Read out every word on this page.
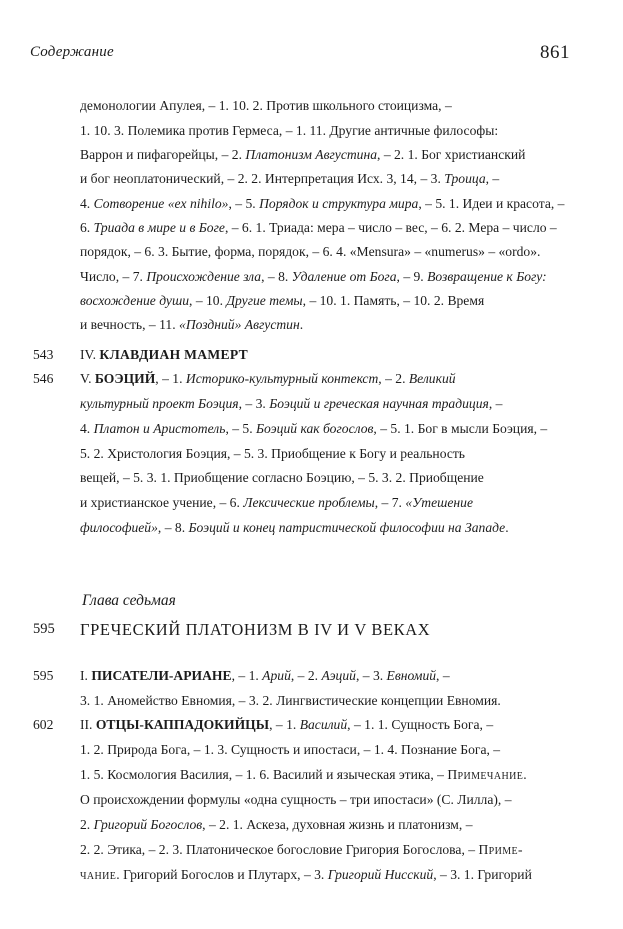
Содержание	861
демонологии Апулея, – 1. 10. 2. Против школьного стоицизма, –
1. 10. 3. Полемика против Гермеса, – 1. 11. Другие античные философы:
Варрон и пифагорейцы, – 2. Платонизм Августина, – 2. 1. Бог христианский
и бог неоплатонический, – 2. 2. Интерпретация Исх. 3, 14, – 3. Троица, –
4. Сотворение «ex nihilo», – 5. Порядок и структура мира, – 5. 1. Идеи и красота, –
6. Триада в мире и в Боге, – 6. 1. Триада: мера – число – вес, – 6. 2. Мера – число –
порядок, – 6. 3. Бытие, форма, порядок, – 6. 4. «Mensura» – «numerus» – «ordo».
Число, – 7. Происхождение зла, – 8. Удаление от Бога, – 9. Возвращение к Богу:
восхождение души, – 10. Другие темы, – 10. 1. Память, – 10. 2. Время
и вечность, – 11. «Поздний» Августин.
543	IV. КЛАВДИАН МАМЕРТ
546	V. БОЭЦИЙ, – 1. Историко-культурный контекст, – 2. Великий
культурный проект Боэция, – 3. Боэций и греческая научная традиция, –
4. Платон и Аристотель, – 5. Боэций как богослов, – 5. 1. Бог в мысли Боэция, –
5. 2. Христология Боэция, – 5. 3. Приобщение к Богу и реальность
вещей, – 5. 3. 1. Приобщение согласно Боэцию, – 5. 3. 2. Приобщение
и христианское учение, – 6. Лексические проблемы, – 7. «Утешение
философией», – 8. Боэций и конец патристической философии на Западе.
Глава седьмая
595 ГРЕЧЕСКИЙ ПЛАТОНИЗМ В IV И V ВЕКАХ
595	I. ПИСАТЕЛИ-АРИАНЕ, – 1. Арий, – 2. Аэций, – 3. Евномий, –
3. 1. Аномейство Евномия, – 3. 2. Лингвистические концепции Евномия.
602	II. ОТЦЫ-КАППАДОКИЙЦЫ, – 1. Василий, – 1. 1. Сущность Бога, –
1. 2. Природа Бога, – 1. 3. Сущность и ипостаси, – 1. 4. Познание Бога, –
1. 5. Космология Василия, – 1. 6. Василий и языческая этика, – Примечание.
О происхождении формулы «одна сущность – три ипостаси» (С. Лилла), –
2. Григорий Богослов, – 2. 1. Аскеза, духовная жизнь и платонизм, –
2. 2. Этика, – 2. 3. Платоническое богословие Григория Богослова, – Приме-
чание. Григорий Богослов и Плутарх, – 3. Григорий Нисский, – 3. 1. Григорий
